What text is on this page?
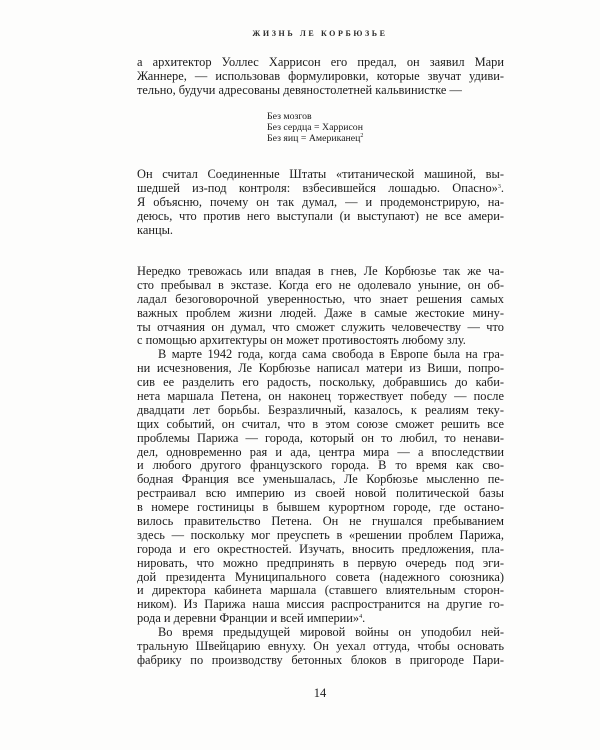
ЖИЗНЬ ЛЕ КОРБЮЗЬЕ
а архитектор Уоллес Харрисон его предал, он заявил Мари
Жаннере, — использовав формулировки, которые звучат удиви-
тельно, будучи адресованы девяностолетней кальвинистке —
Без мозгов
Без сердца = Харрисон
Без яиц = Американец$^2$
Он считал Соединенные Штаты «титанической машиной, вы-
шедшей из-под контроля: взбесившейся лошадью. Опасно»$^3$.
Я объясню, почему он так думал, — и продемонстрирую, на-
деюсь, что против него выступали (и выступают) не все амери-
канцы.
Нередко тревожась или впадая в гнев, Ле Корбюзье так же ча-
сто пребывал в экстазе. Когда его не одолевало уныние, он об-
ладал безоговорочной уверенностью, что знает решения самых
важных проблем жизни людей. Даже в самые жестокие мину-
ты отчаяния он думал, что сможет служить человечеству — что
с помощью архитектуры он может противостоять любому злу.
В марте 1942 года, когда сама свобода в Европе была на гра-
ни исчезновения, Ле Корбюзье написал матери из Виши, попро-
сив ее разделить его радость, поскольку, добравшись до каби-
нета маршала Петена, он наконец торжествует победу — после
двадцати лет борьбы. Безразличный, казалось, к реалиям теку-
щих событий, он считал, что в этом союзе сможет решить все
проблемы Парижа — города, который он то любил, то ненави-
дел, одновременно рая и ада, центра мира — а впоследствии
и любого другого французского города. В то время как сво-
бодная Франция все уменьшалась, Ле Корбюзье мысленно пе-
рестраивал всю империю из своей новой политической базы
в номере гостиницы в бывшем курортном городе, где остано-
вилось правительство Петена. Он не гнушался пребыванием
здесь — поскольку мог преуспеть в «решении проблем Парижа,
города и его окрестностей. Изучать, вносить предложения, пла-
нировать, что можно предпринять в первую очередь под эги-
дой президента Муниципального совета (надежного союзника)
и директора кабинета маршала (ставшего влиятельным сторон-
ником). Из Парижа наша миссия распространится на другие го-
рода и деревни Франции и всей империи»$^4$.
Во время предыдущей мировой войны он уподобил ней-
тральную Швейцарию евнуху. Он уехал оттуда, чтобы основать
фабрику по производству бетонных блоков в пригороде Пари-
14
